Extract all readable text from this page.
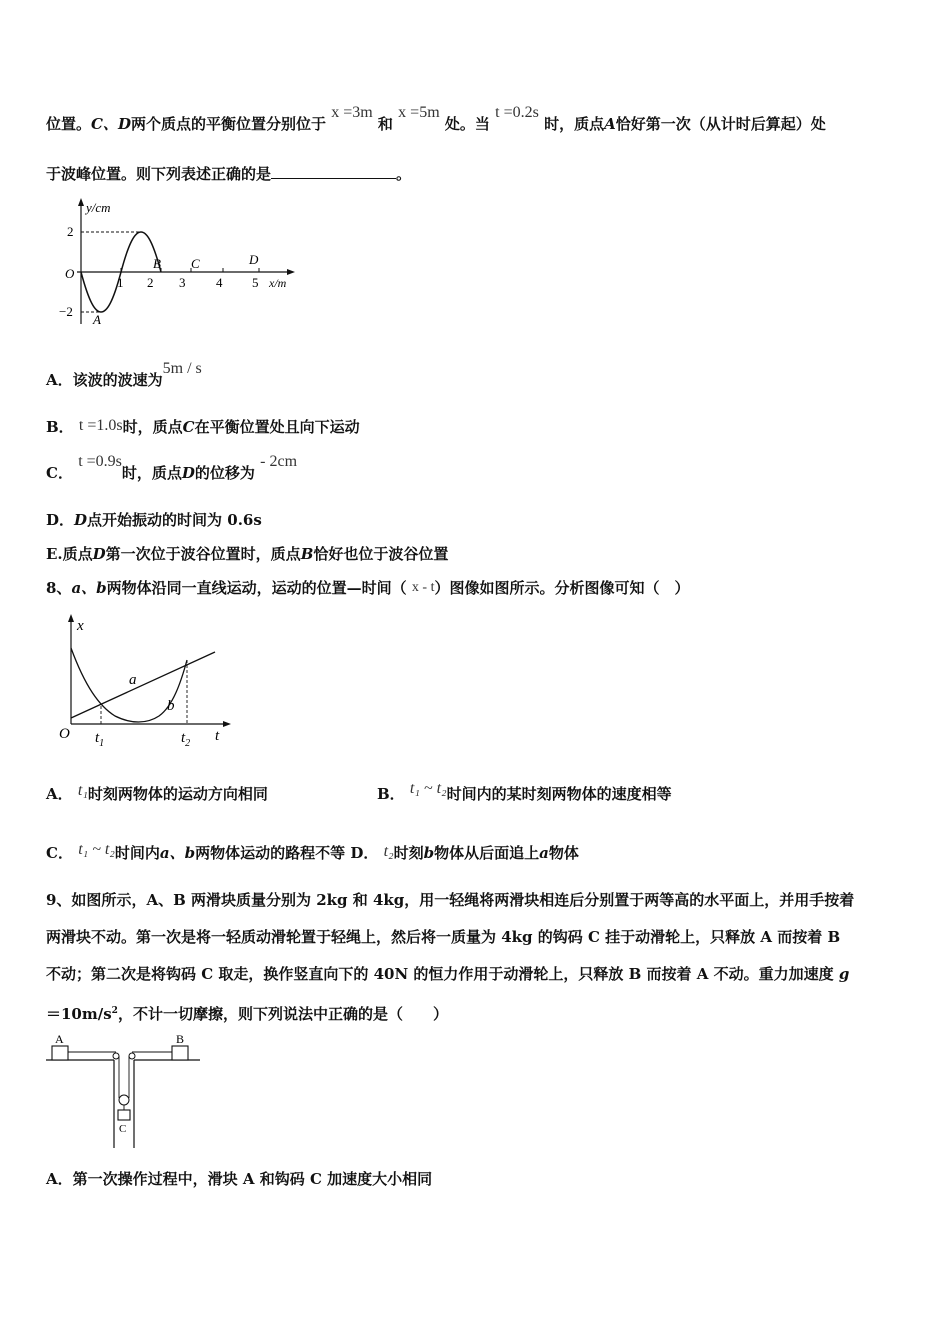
位置。C、D两个质点的平衡位置分别位于 x =3m 和 x =5m 处。当 t =0.2s 时，质点A恰好第一次（从计时后算起）处
于波峰位置。则下列表述正确的是	。
y/cm
x/m
O
2
−2
1 2 3 4 5
A
B C	D
A．该波的波速为5m / s
B． t =1.0s时，质点C在平衡位置处且向下运动
C． t =0.9s时，质点D的位移为 - 2cm
D．D点开始振动的时间为 0.6s
E.质点D第一次位于波谷位置时，质点B恰好也位于波谷位置
8、a、b两物体沿同一直线运动，运动的位置—时间（ x - t）图像如图所示。分析图像可知（　）
x
t
O
a
b
$t_1$	$t_2$
A． t₁时刻两物体的运动方向相同	B． t₁ ~ t₂时间内的某时刻两物体的速度相等
C． t₁ ~ t₂时间内a、b两物体运动的路程不等 D． t₂时刻b物体从后面追上a物体
9、如图所示，A、B 两滑块质量分别为 2kg 和 4kg，用一轻绳将两滑块相连后分别置于两等高的水平面上，并用手按着
两滑块不动。第一次是将一轻质动滑轮置于轻绳上，然后将一质量为 4kg 的钩码 C 挂于动滑轮上，只释放 A 而按着 B
不动；第二次是将钩码 C 取走，换作竖直向下的 40N 的恒力作用于动滑轮上，只释放 B 而按着 A 不动。重力加速度 g
$=10m/s^2$，不计一切摩擦，则下列说法中正确的是（　　）
A	B
C
A．第一次操作过程中，滑块 A 和钩码 C 加速度大小相同
